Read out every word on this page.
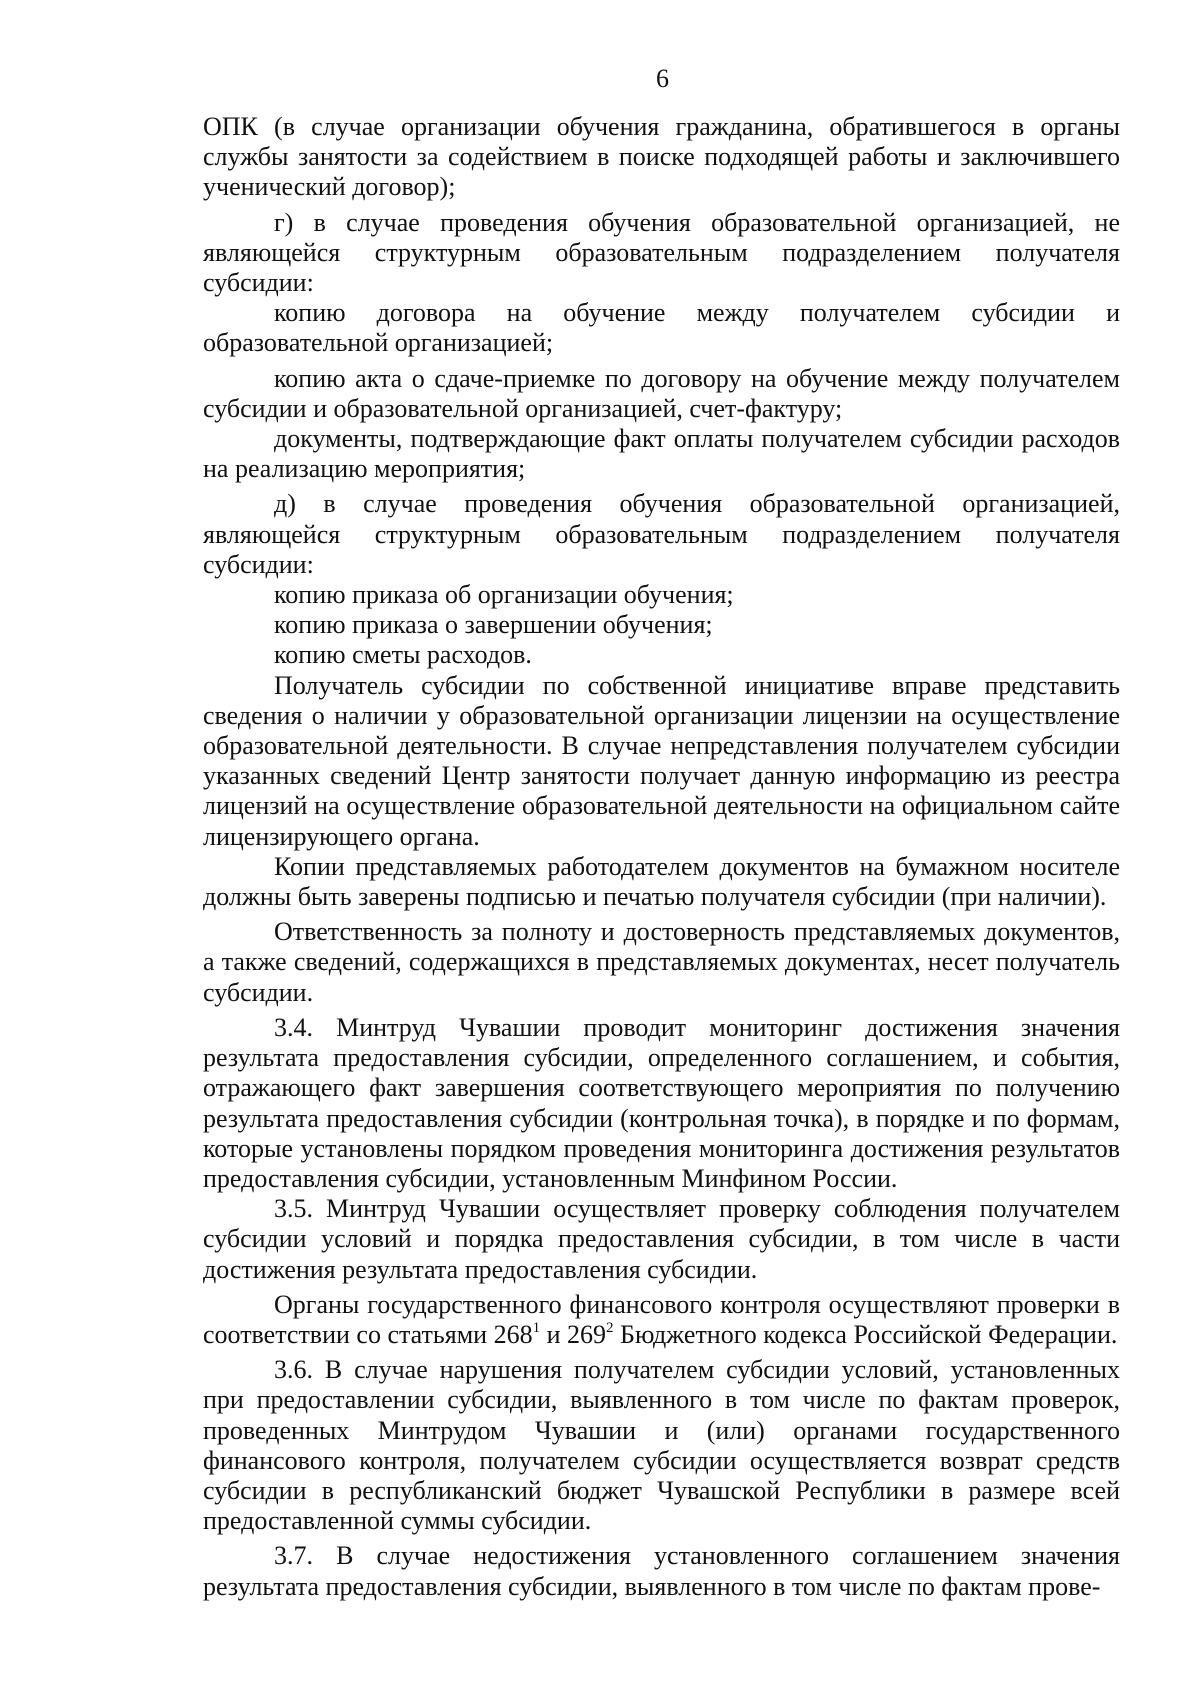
6

ОПК (в случае организации обучения гражданина, обратившегося в органы службы занятости за содействием в поиске подходящей работы и заключившего ученический договор);

г) в случае проведения обучения образовательной организацией, не являющейся структурным образовательным подразделением получателя субсидии:

копию договора на обучение между получателем субсидии и образовательной организацией;

копию акта о сдаче-приемке по договору на обучение между получателем субсидии и образовательной организацией, счет-фактуру;

документы, подтверждающие факт оплаты получателем субсидии расходов на реализацию мероприятия;

д) в случае проведения обучения образовательной организацией, являющейся структурным образовательным подразделением получателя субсидии:

копию приказа об организации обучения;

копию приказа о завершении обучения;

копию сметы расходов.

Получатель субсидии по собственной инициативе вправе представить сведения о наличии у образовательной организации лицензии на осуществление образовательной деятельности. В случае непредставления получателем субсидии указанных сведений Центр занятости получает данную информацию из реестра лицензий на осуществление образовательной деятельности на официальном сайте лицензирующего органа.

Копии представляемых работодателем документов на бумажном носителе должны быть заверены подписью и печатью получателя субсидии (при наличии).

Ответственность за полноту и достоверность представляемых документов, а также сведений, содержащихся в представляемых документах, несет получатель субсидии.

3.4. Минтруд Чувашии проводит мониторинг достижения значения результата предоставления субсидии, определенного соглашением, и события, отражающего факт завершения соответствующего мероприятия по получению результата предоставления субсидии (контрольная точка), в порядке и по формам, которые установлены порядком проведения мониторинга достижения результатов предоставления субсидии, установленным Минфином России.

3.5. Минтруд Чувашии осуществляет проверку соблюдения получателем субсидии условий и порядка предоставления субсидии, в том числе в части достижения результата предоставления субсидии.

Органы государственного финансового контроля осуществляют проверки в соответствии со статьями $268^1$ и $269^2$ Бюджетного кодекса Российской Федерации.

3.6. В случае нарушения получателем субсидии условий, установленных при предоставлении субсидии, выявленного в том числе по фактам проверок, проведенных Минтрудом Чувашии и (или) органами государственного финансового контроля, получателем субсидии осуществляется возврат средств субсидии в республиканский бюджет Чувашской Республики в размере всей предоставленной суммы субсидии.

3.7. В случае недостижения установленного соглашением значения результата предоставления субсидии, выявленного в том числе по фактам прове-
